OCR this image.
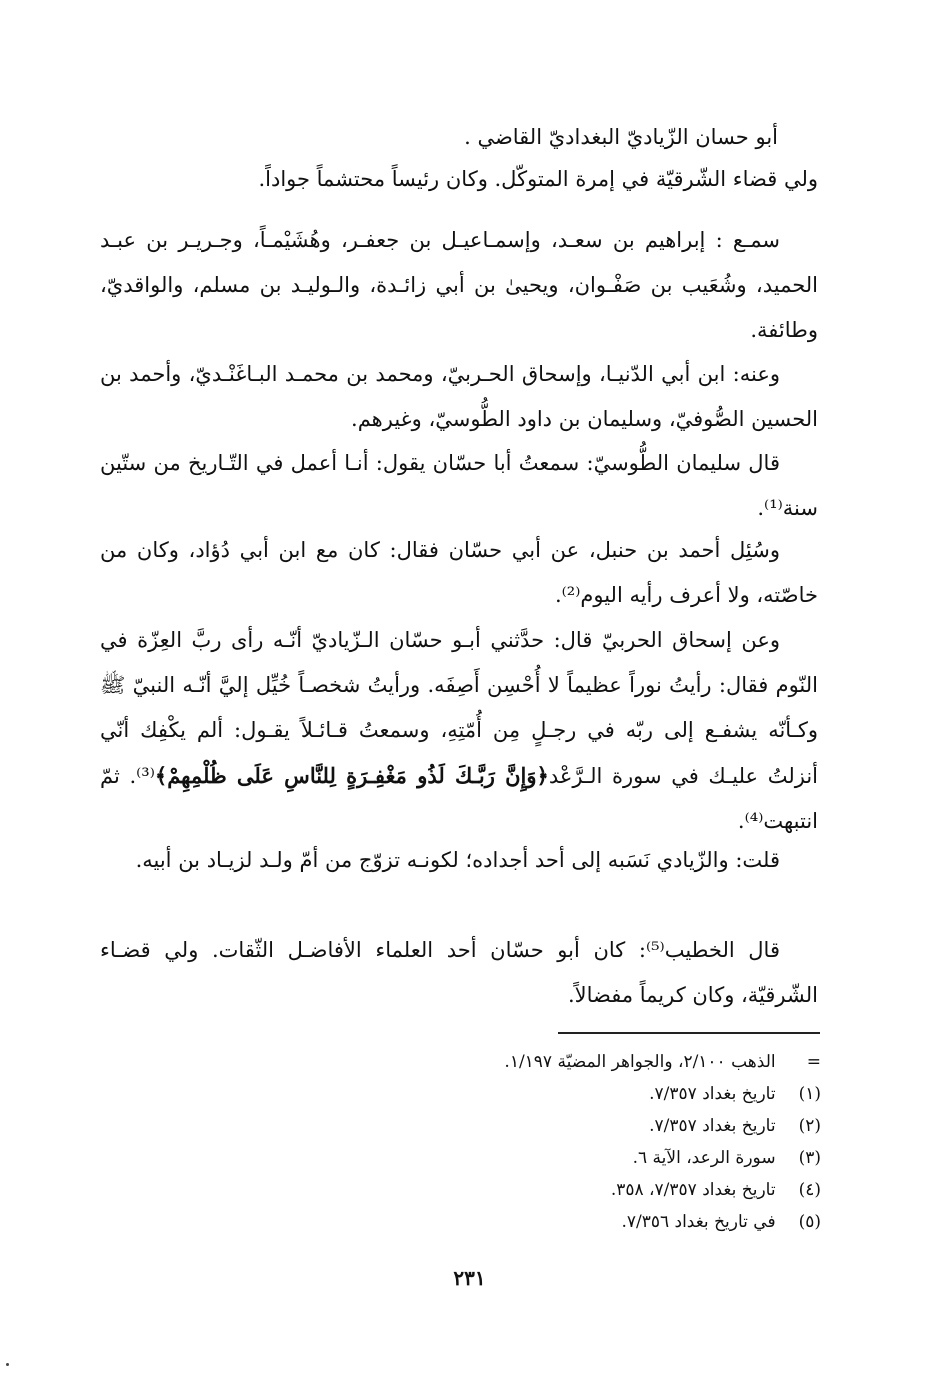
أبو حسان الزّياديّ البغداديّ القاضي .
ولي قضاء الشّرقيّة في إمرة المتوكّل. وكان رئيساً محتشماً جواداً.

سمـع : إبراهيم بن سعـد، وإسمـاعيـل بن جعفـر، وهُشَيْمـاً، وجـريـر بن عبـد الحميد، وشُعَيب بن صَفْـوان، ويحيىٰ بن أبي زائـدة، والـوليـد بن مسلم، والواقديّ، وطائفة.

وعنه: ابن أبي الدّنيـا، وإسحاق الحـربيّ، ومحمد بن محمـد البـاغَنْـديّ، وأحمد بن الحسين الصُّوفيّ، وسليمان بن داود الطُّوسيّ، وغيرهم.

قال سليمان الطُّوسيّ: سمعتُ أبا حسّان يقول: أنـا أعمل في التّـاريخ من ستّين سنة⁽¹⁾.

وسُئِل أحمد بن حنبل، عن أبي حسّان فقال: كان مع ابن أبي دُؤاد، وكان من خاصّته، ولا أعرف رأيه اليوم⁽²⁾.

وعن إسحاق الحربيّ قال: حدَّثني أبـو حسّان الـزّياديّ أنّـه رأى ربَّ العِزّة في النّوم فقال: رأيتُ نوراً عظيماً لا أُحْسِن أَصِفَه. ورأيتُ شخصـاً خُيِّل إليَّ أنّـه النبيّ ﷺ وكـأنّه يشفـع إلى ربّه في رجـلٍ مِن أُمّتِهِ، وسمعتُ قـائـلاً يقـول: ألم يكْفِك أنّي أنزلتُ عليـك في سورة الـرَّعْد﴿وَإِنَّ رَبَّـكَ لَذُو مَغْفِـرَةٍ لِلنَّاسِ عَلَى ظُلْمِهِمْ﴾⁽³⁾. ثمّ انتبهت⁽⁴⁾.

قلت: والزّيادي نَسَبه إلى أحد أجداده؛ لكونـه تزوّج من أمّ ولـد لزيـاد بن أبيه.

قال الخطيب⁽⁵⁾: كان أبو حسّان أحد العلماء الأفاضـل الثّقات. ولي قضـاء الشّرقيّة، وكان كريماً مفضالاً.

= الذهب ٢/١٠٠، والجواهر المضيّة ١/١٩٧.
(١) تاريخ بغداد ٧/٣٥٧.
(٢) تاريخ بغداد ٧/٣٥٧.
(٣) سورة الرعد، الآية ٦.
(٤) تاريخ بغداد ٧/٣٥٧، ٣٥٨.
(٥) في تاريخ بغداد ٧/٣٥٦.
٢٣١
